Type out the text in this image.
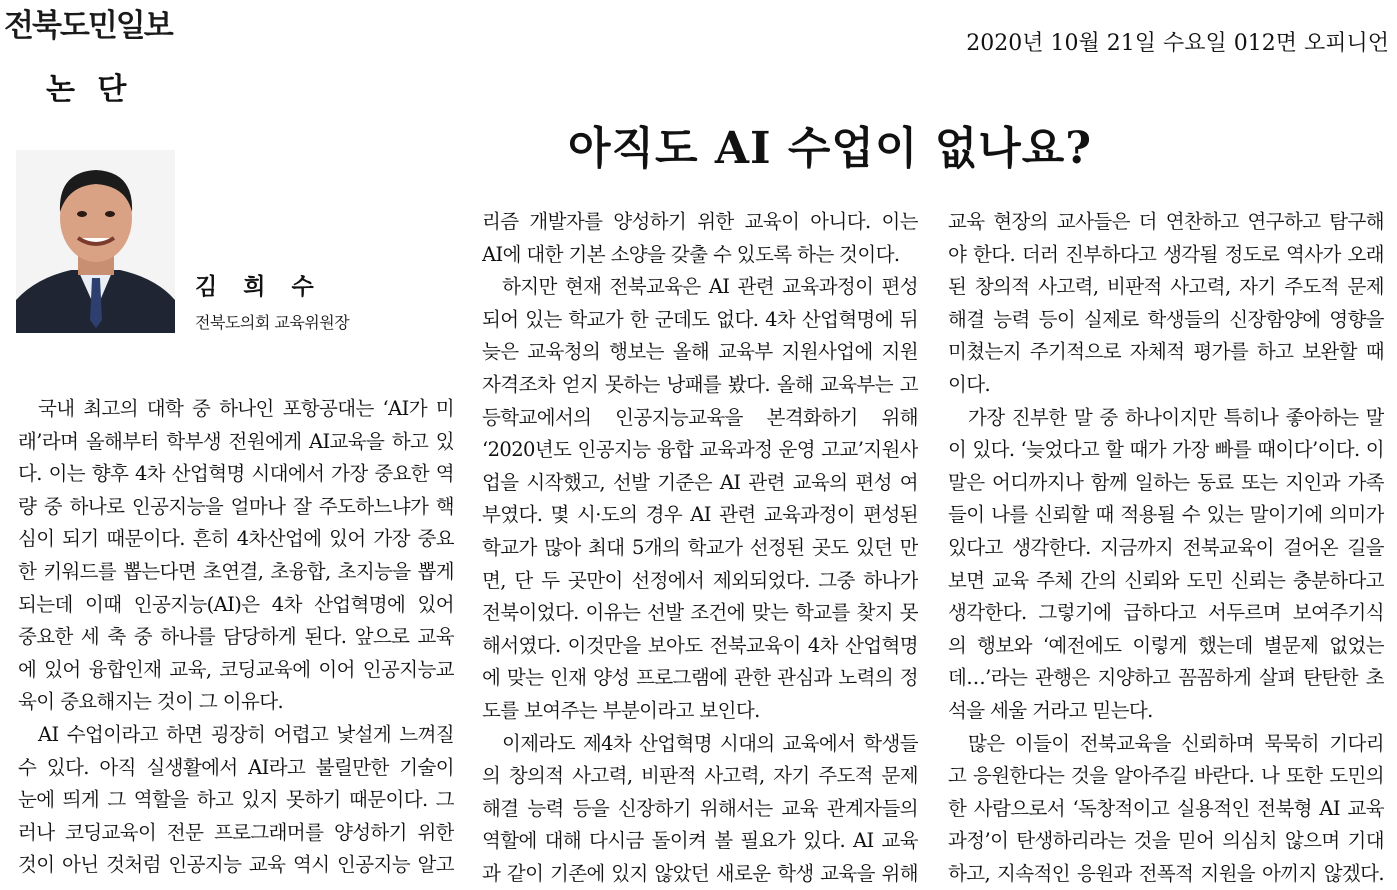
전북도민일보	2020년 10월 21일 수요일 012면 오피니언
논 단
아직도 AI 수업이 없나요?
김 희 수
전북도의회 교육위원장
국내 최고의 대학 중 하나인 포항공대는 ‘AI가 미
래’라며 올해부터 학부생 전원에게 AI교육을 하고 있
다. 이는 향후 4차 산업혁명 시대에서 가장 중요한 역
량 중 하나로 인공지능을 얼마나 잘 주도하느냐가 핵
심이 되기 때문이다. 흔히 4차산업에 있어 가장 중요
한 키워드를 뽑는다면 초연결, 초융합, 초지능을 뽑게
되는데 이때 인공지능(AI)은 4차 산업혁명에 있어
중요한 세 축 중 하나를 담당하게 된다. 앞으로 교육
에 있어 융합인재 교육, 코딩교육에 이어 인공지능교
육이 중요해지는 것이 그 이유다.
AI 수업이라고 하면 굉장히 어렵고 낯설게 느껴질
수 있다. 아직 실생활에서 AI라고 불릴만한 기술이
눈에 띄게 그 역할을 하고 있지 못하기 때문이다. 그
러나 코딩교육이 전문 프로그래머를 양성하기 위한
것이 아닌 것처럼 인공지능 교육 역시 인공지능 알고
리즘 개발자를 양성하기 위한 교육이 아니다. 이는
AI에 대한 기본 소양을 갖출 수 있도록 하는 것이다.
하지만 현재 전북교육은 AI 관련 교육과정이 편성
되어 있는 학교가 한 군데도 없다. 4차 산업혁명에 뒤
늦은 교육청의 행보는 올해 교육부 지원사업에 지원
자격조차 얻지 못하는 낭패를 봤다. 올해 교육부는 고
등학교에서의 인공지능교육을 본격화하기 위해
‘2020년도 인공지능 융합 교육과정 운영 고교’지원사
업을 시작했고, 선발 기준은 AI 관련 교육의 편성 여
부였다. 몇 시·도의 경우 AI 관련 교육과정이 편성된
학교가 많아 최대 5개의 학교가 선정된 곳도 있던 만
면, 단 두 곳만이 선정에서 제외되었다. 그중 하나가
전북이었다. 이유는 선발 조건에 맞는 학교를 찾지 못
해서였다. 이것만을 보아도 전북교육이 4차 산업혁명
에 맞는 인재 양성 프로그램에 관한 관심과 노력의 정
도를 보여주는 부분이라고 보인다.
이제라도 제4차 산업혁명 시대의 교육에서 학생들
의 창의적 사고력, 비판적 사고력, 자기 주도적 문제
해결 능력 등을 신장하기 위해서는 교육 관계자들의
역할에 대해 다시금 돌이켜 볼 필요가 있다. AI 교육
과 같이 기존에 있지 않았던 새로운 학생 교육을 위해
교육 현장의 교사들은 더 연찬하고 연구하고 탐구해
야 한다. 더러 진부하다고 생각될 정도로 역사가 오래
된 창의적 사고력, 비판적 사고력, 자기 주도적 문제
해결 능력 등이 실제로 학생들의 신장함양에 영향을
미쳤는지 주기적으로 자체적 평가를 하고 보완할 때
이다.
가장 진부한 말 중 하나이지만 특히나 좋아하는 말
이 있다. ‘늦었다고 할 때가 가장 빠를 때이다’이다. 이
말은 어디까지나 함께 일하는 동료 또는 지인과 가족
들이 나를 신뢰할 때 적용될 수 있는 말이기에 의미가
있다고 생각한다. 지금까지 전북교육이 걸어온 길을
보면 교육 주체 간의 신뢰와 도민 신뢰는 충분하다고
생각한다. 그렇기에 급하다고 서두르며 보여주기식
의 행보와 ‘예전에도 이렇게 했는데 별문제 없었는
데…’라는 관행은 지양하고 꼼꼼하게 살펴 탄탄한 초
석을 세울 거라고 믿는다.
많은 이들이 전북교육을 신뢰하며 묵묵히 기다리
고 응원한다는 것을 알아주길 바란다. 나 또한 도민의
한 사람으로서 ‘독창적이고 실용적인 전북형 AI 교육
과정’이 탄생하리라는 것을 믿어 의심치 않으며 기대
하고, 지속적인 응원과 전폭적 지원을 아끼지 않겠다.
